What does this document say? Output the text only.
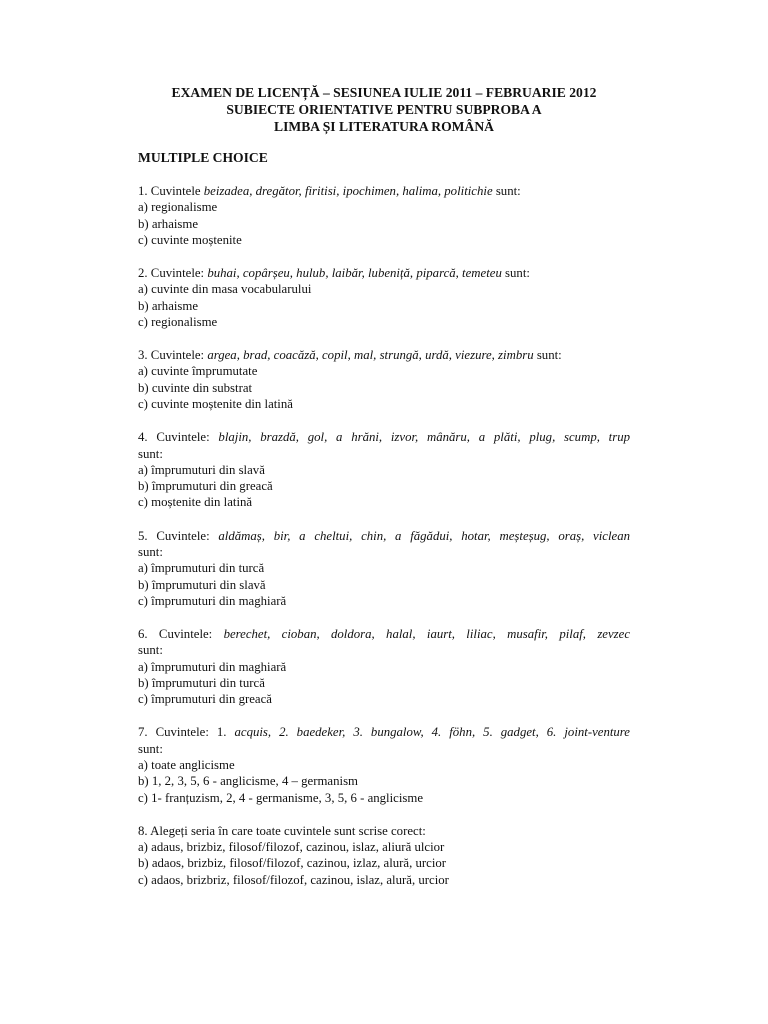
EXAMEN DE LICENȚĂ – SESIUNEA IULIE 2011 – FEBRUARIE 2012
SUBIECTE ORIENTATIVE PENTRU SUBPROBA A
LIMBA ȘI LITERATURA ROMÂNĂ
MULTIPLE CHOICE
1. Cuvintele beizadea, dregător, firitisi, ipochimen, halima, politichie sunt:
a) regionalisme
b) arhaisme
c) cuvinte moștenite
2. Cuvintele: buhai, copârșeu, hulub, laibăr, lubeniță, piparcă, temeteu sunt:
a) cuvinte din masa vocabularului
b) arhaisme
c) regionalisme
3. Cuvintele: argea, brad, coacăză, copil, mal, strungă, urdă, viezure, zimbru sunt:
a) cuvinte împrumutate
b) cuvinte din substrat
c) cuvinte moștenite din latină
4. Cuvintele: blajin, brazdă, gol, a hrăni, izvor, mânăru, a plăti, plug, scump, trup
sunt:
a) împrumuturi din slavă
b) împrumuturi din greacă
c) moștenite din latină
5. Cuvintele: aldămaș, bir, a cheltui, chin, a făgădui, hotar, meșteșug, oraș, viclean
sunt:
a) împrumuturi din turcă
b) împrumuturi din slavă
c) împrumuturi din maghiară
6. Cuvintele: berechet, cioban, doldora, halal, iaurt, liliac, musafir, pilaf, zevzec
sunt:
a) împrumuturi din maghiară
b) împrumuturi din turcă
c) împrumuturi din greacă
7. Cuvintele: 1. acquis, 2. baedeker, 3. bungalow, 4. föhn, 5. gadget, 6. joint-venture
sunt:
a) toate anglicisme
b) 1, 2, 3, 5, 6 - anglicisme, 4 – germanism
c) 1- franțuzism, 2, 4 - germanisme, 3, 5, 6 - anglicisme
8. Alegeți seria în care toate cuvintele sunt scrise corect:
a) adaus, brizbiz, filosof/filozof, cazinou, islaz, aliură ulcior
b) adaos, brizbiz, filosof/filozof, cazinou, izlaz, alură, urcior
c) adaos, brizbriz, filosof/filozof, cazinou, islaz, alură, urcior
